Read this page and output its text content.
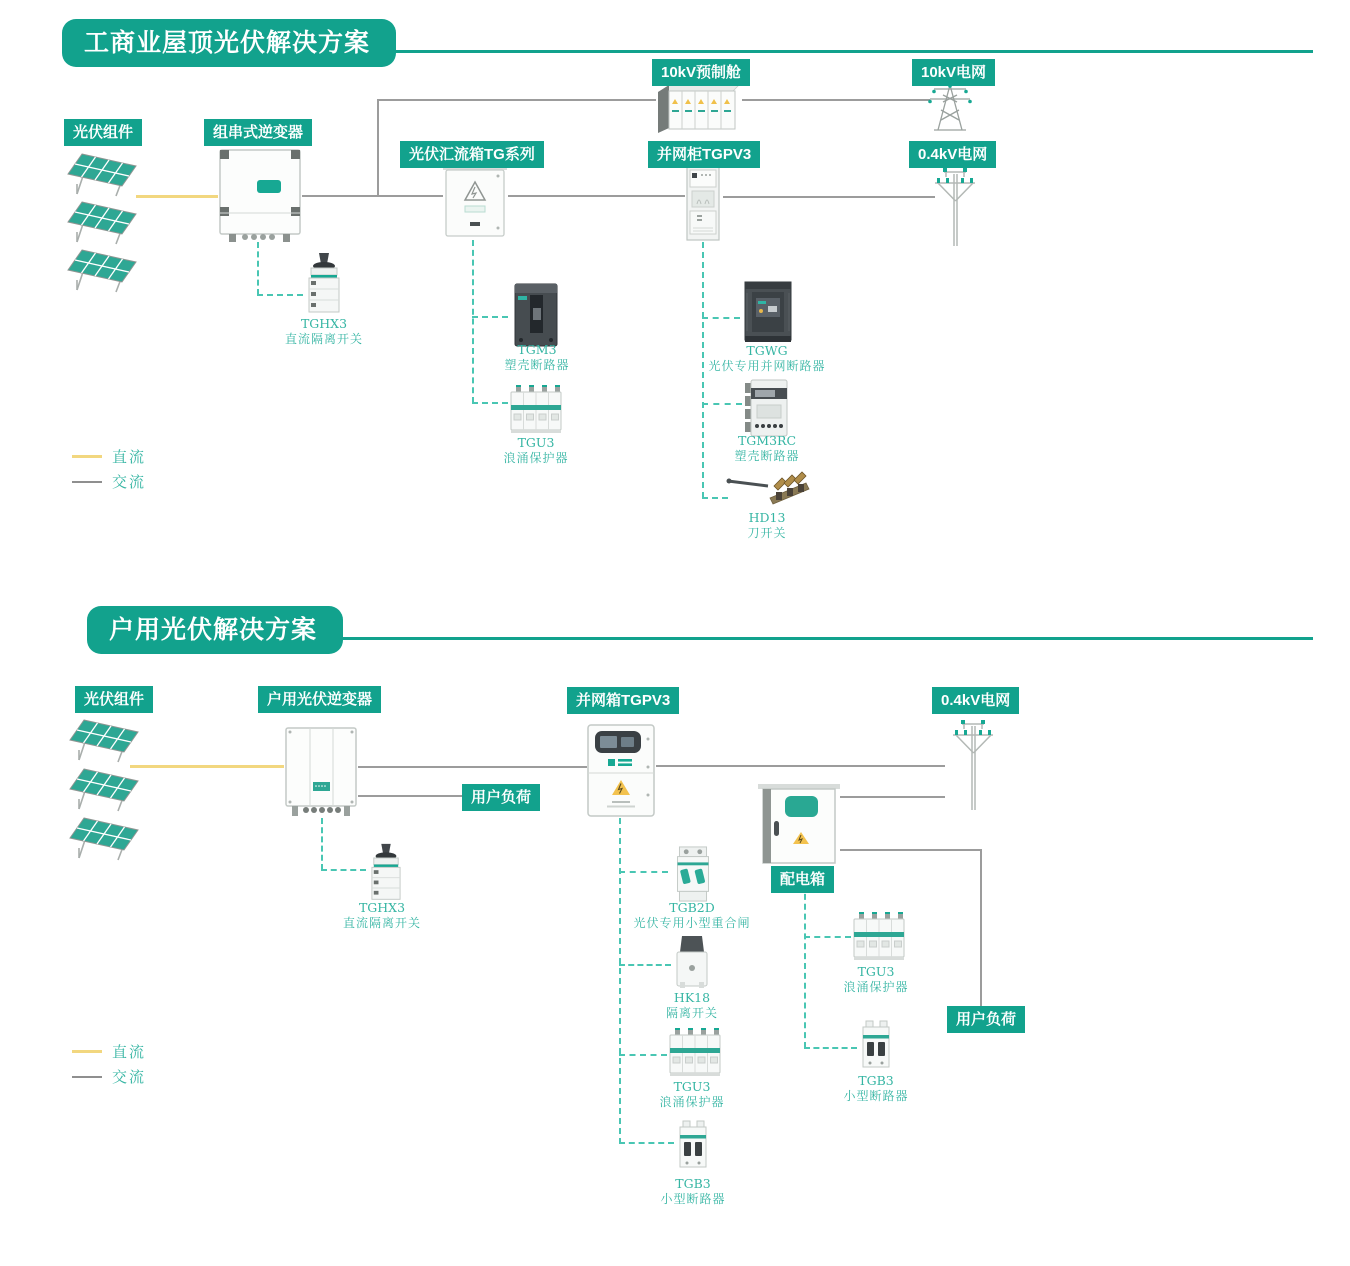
工商业屋顶光伏解决方案
光伏组件	组串式逆变器
光伏汇流箱TG系列
10kV预制舱	10kV电网
并网柜TGPV3	0.4kV电网
TGHX3
直流隔离开关
TGM3
塑壳断路器
TGU3
浪涌保护器
TGWG
光伏专用并网断路器
TGM3RC
塑壳断路器
HD13
刀开关
直流
交流
户用光伏解决方案
光伏组件	户用光伏逆变器	并网箱TGPV3	0.4kV电网
用户负荷
配电箱
用户负荷
TGHX3
直流隔离开关
TGB2D
光伏专用小型重合闸
HK18
隔离开关
TGU3
浪涌保护器
TGB3
小型断路器
TGU3
浪涌保护器
TGB3
小型断路器
直流
交流
